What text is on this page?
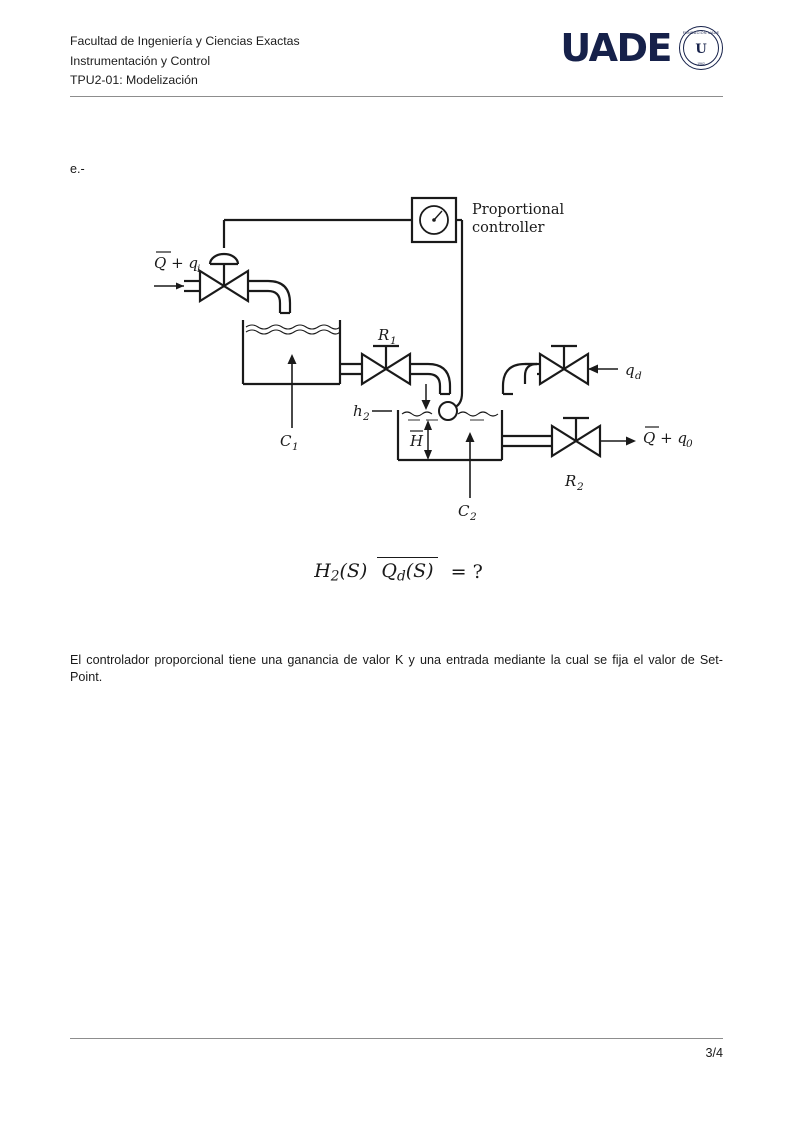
Facultad de Ingeniería y Ciencias Exactas
Instrumentación y Control
TPU2-01: Modelización
UADE	FUNDACIÓN UADE
U
1962
e.-
Proportional
controller
Q + q
i
C 1
R 1
h 2
H
C 2
q d
R 2
Q + q
0
$H_2(S) Q_d(S)$ = ?
El controlador proporcional tiene una ganancia de valor K y una entrada mediante la cual se fija el valor de Set-Point.
3/4
